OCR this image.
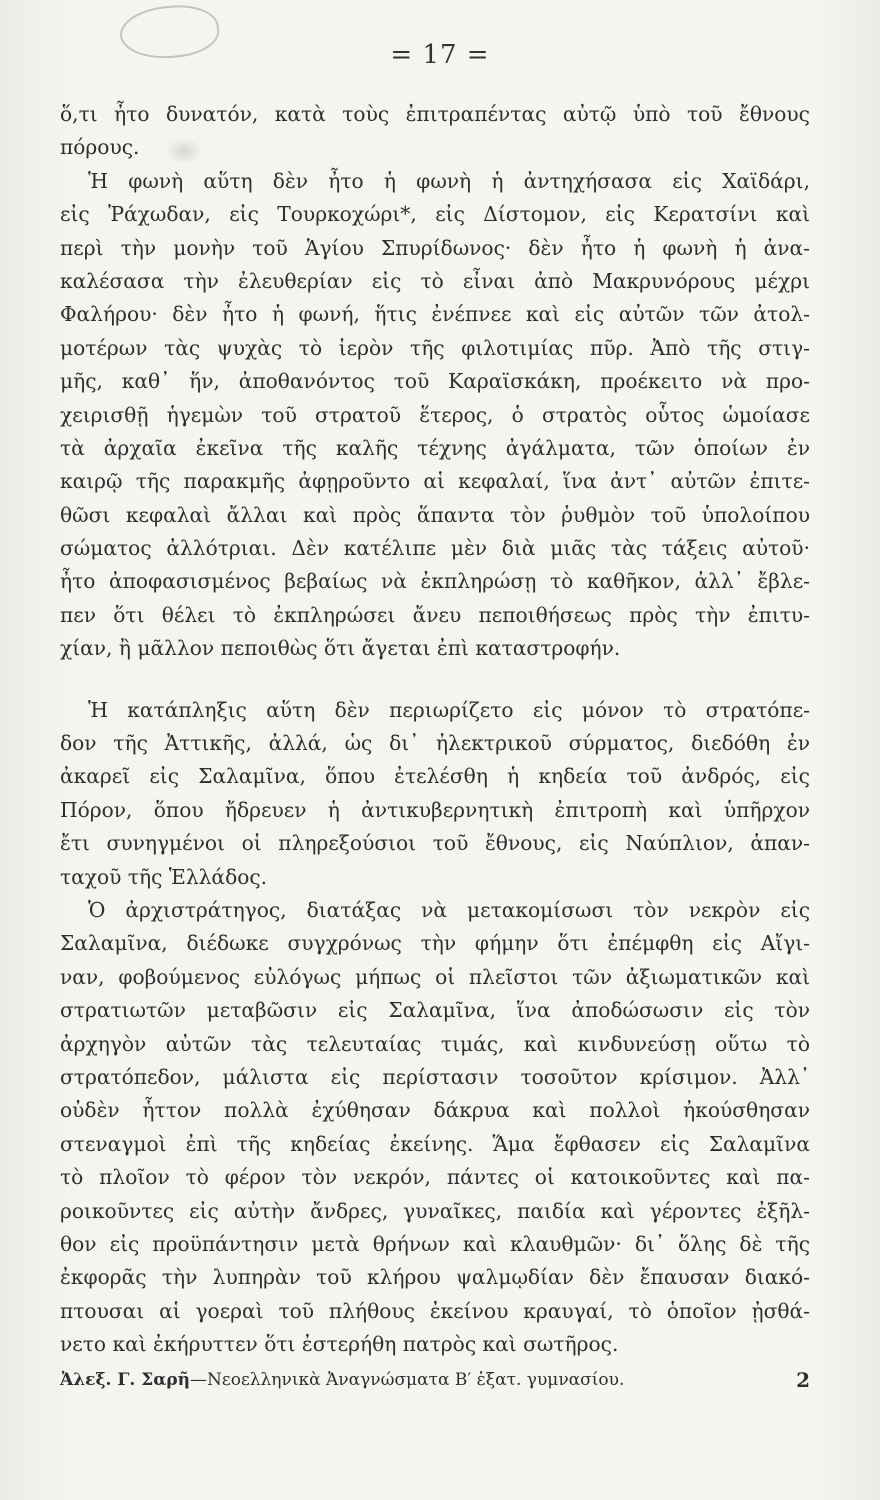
= 17 =
ὅ,τι ἦτο δυνατόν, κατὰ τοὺς ἐπιτραπέντας αὐτῷ ὑπὸ τοῦ ἔθνους
πόρους.
Ἡ φωνὴ αὕτη δὲν ἦτο ἡ φωνὴ ἡ ἀντηχήσασα εἰς Χαϊδάρι,
εἰς Ῥάχωδαν, εἰς Τουρκοχώρι*, εἰς Δίστομον, εἰς Κερατσίνι καὶ
περὶ τὴν μονὴν τοῦ Ἁγίου Σπυρίδωνος· δὲν ἦτο ἡ φωνὴ ἡ ἀνα-
καλέσασα τὴν ἐλευθερίαν εἰς τὸ εἶναι ἀπὸ Μακρυνόρους μέχρι
Φαλήρου· δὲν ἦτο ἡ φωνή, ἥτις ἐνέπνεε καὶ εἰς αὐτῶν τῶν ἀτολ-
μοτέρων τὰς ψυχὰς τὸ ἱερὸν τῆς φιλοτιμίας πῦρ. Ἀπὸ τῆς στιγ-
μῆς, καθ᾽ ἥν, ἀποθανόντος τοῦ Καραϊσκάκη, προέκειτο νὰ προ-
χειρισθῇ ἡγεμὼν τοῦ στρατοῦ ἕτερος, ὁ στρατὸς οὗτος ὡμοίασε
τὰ ἀρχαῖα ἐκεῖνα τῆς καλῆς τέχνης ἀγάλματα, τῶν ὁποίων ἐν
καιρῷ τῆς παρακμῆς ἀφῃροῦντο αἱ κεφαλαί, ἵνα ἀντ᾽ αὐτῶν ἐπιτε-
θῶσι κεφαλαὶ ἄλλαι καὶ πρὸς ἅπαντα τὸν ῥυθμὸν τοῦ ὑπολοίπου
σώματος ἀλλότριαι. Δὲν κατέλιπε μὲν διὰ μιᾶς τὰς τάξεις αὐτοῦ·
ἦτο ἀποφασισμένος βεβαίως νὰ ἐκπληρώσῃ τὸ καθῆκον, ἀλλ᾽ ἔβλε-
πεν ὅτι θέλει τὸ ἐκπληρώσει ἄνευ πεποιθήσεως πρὸς τὴν ἐπιτυ-
χίαν, ἢ μᾶλλον πεποιθὼς ὅτι ἄγεται ἐπὶ καταστροφήν.
Ἡ κατάπληξις αὕτη δὲν περιωρίζετο εἰς μόνον τὸ στρατόπε-
δον τῆς Ἀττικῆς, ἀλλά, ὡς δι᾽ ἠλεκτρικοῦ σύρματος, διεδόθη ἐν
ἀκαρεῖ εἰς Σαλαμῖνα, ὅπου ἐτελέσθη ἡ κηδεία τοῦ ἀνδρός, εἰς
Πόρον, ὅπου ἤδρευεν ἡ ἀντικυβερνητικὴ ἐπιτροπὴ καὶ ὑπῆρχον
ἔτι συνηγμένοι οἱ πληρεξούσιοι τοῦ ἔθνους, εἰς Ναύπλιον, ἁπαν-
ταχοῦ τῆς Ἑλλάδος.
Ὁ ἀρχιστράτηγος, διατάξας νὰ μετακομίσωσι τὸν νεκρὸν εἰς
Σαλαμῖνα, διέδωκε συγχρόνως τὴν φήμην ὅτι ἐπέμφθη εἰς Αἴγι-
ναν, φοβούμενος εὐλόγως μήπως οἱ πλεῖστοι τῶν ἀξιωματικῶν καὶ
στρατιωτῶν μεταβῶσιν εἰς Σαλαμῖνα, ἵνα ἀποδώσωσιν εἰς τὸν
ἀρχηγὸν αὐτῶν τὰς τελευταίας τιμάς, καὶ κινδυνεύσῃ οὕτω τὸ
στρατόπεδον, μάλιστα εἰς περίστασιν τοσοῦτον κρίσιμον. Ἀλλ᾽
οὐδὲν ἧττον πολλὰ ἐχύθησαν δάκρυα καὶ πολλοὶ ἠκούσθησαν
στεναγμοὶ ἐπὶ τῆς κηδείας ἐκείνης. Ἅμα ἔφθασεν εἰς Σαλαμῖνα
τὸ πλοῖον τὸ φέρον τὸν νεκρόν, πάντες οἱ κατοικοῦντες καὶ πα-
ροικοῦντες εἰς αὐτὴν ἄνδρες, γυναῖκες, παιδία καὶ γέροντες ἐξῆλ-
θον εἰς προϋπάντησιν μετὰ θρήνων καὶ κλαυθμῶν· δι᾽ ὅλης δὲ τῆς
ἐκφορᾶς τὴν λυπηρὰν τοῦ κλήρου ψαλμῳδίαν δὲν ἔπαυσαν διακό-
πτουσαι αἱ γοεραὶ τοῦ πλήθους ἐκείνου κραυγαί, τὸ ὁποῖον ᾐσθά-
νετο καὶ ἐκήρυττεν ὅτι ἐστερήθη πατρὸς καὶ σωτῆρος.
Ἀλεξ. Γ. Σαρῆ—Νεοελληνικὰ Ἀναγνώσματα Β′ ἑξατ. γυμνασίου.	2
